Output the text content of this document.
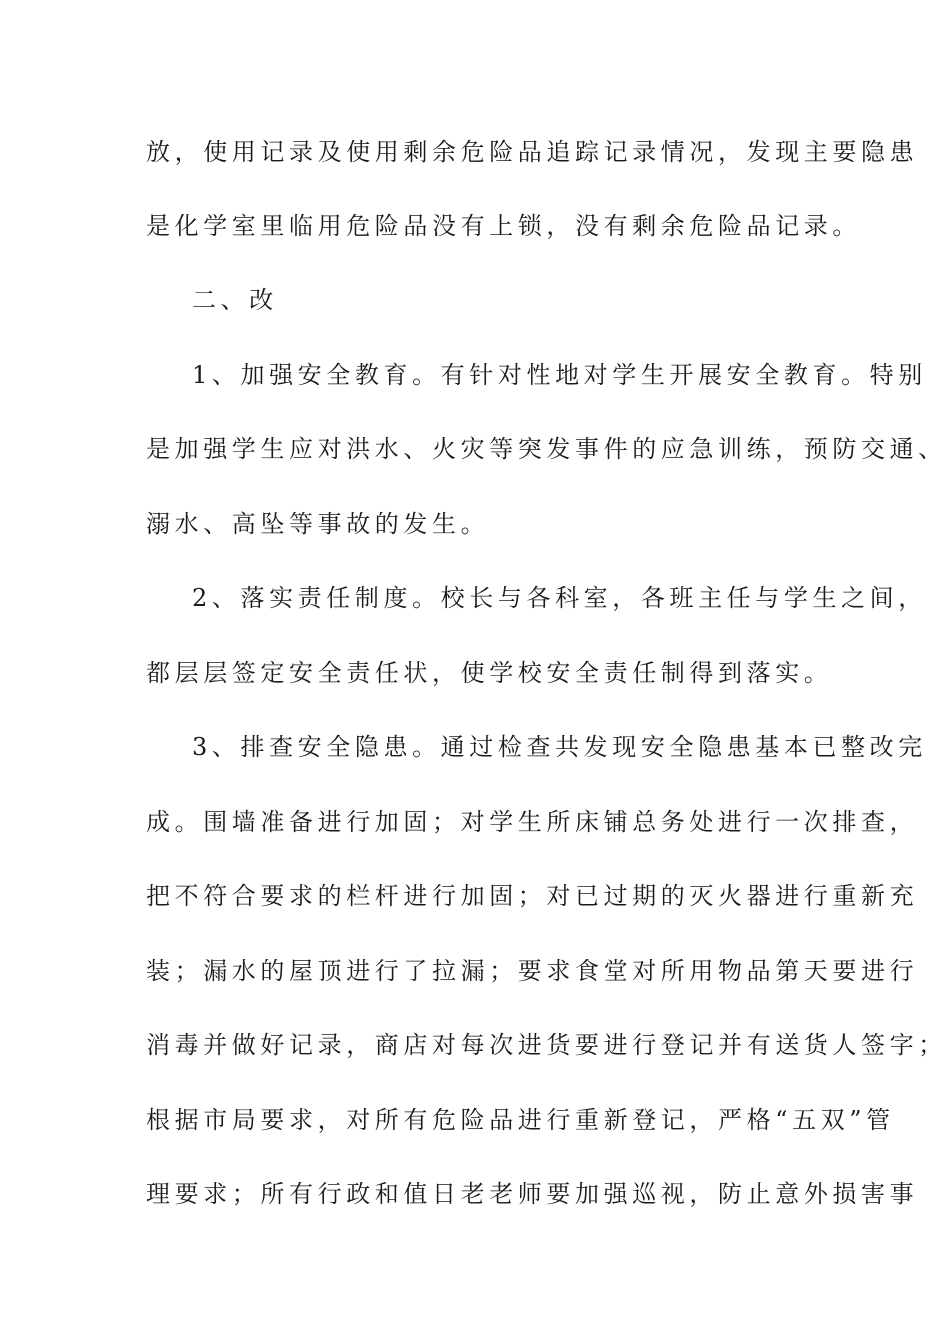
放，使用记录及使用剩余危险品追踪记录情况，发现主要隐患
是化学室里临用危险品没有上锁，没有剩余危险品记录。
二、改
1、加强安全教育。有针对性地对学生开展安全教育。特别
是加强学生应对洪水、火灾等突发事件的应急训练，预防交通、
溺水、高坠等事故的发生。
2、落实责任制度。校长与各科室，各班主任与学生之间，
都层层签定安全责任状，使学校安全责任制得到落实。
3、排查安全隐患。通过检查共发现安全隐患基本已整改完
成。围墙准备进行加固；对学生所床铺总务处进行一次排查，
把不符合要求的栏杆进行加固；对已过期的灭火器进行重新充
装；漏水的屋顶进行了拉漏；要求食堂对所用物品第天要进行
消毒并做好记录，商店对每次进货要进行登记并有送货人签字；
根据市局要求，对所有危险品进行重新登记，严格“五双”管
理要求；所有行政和值日老老师要加强巡视，防止意外损害事
